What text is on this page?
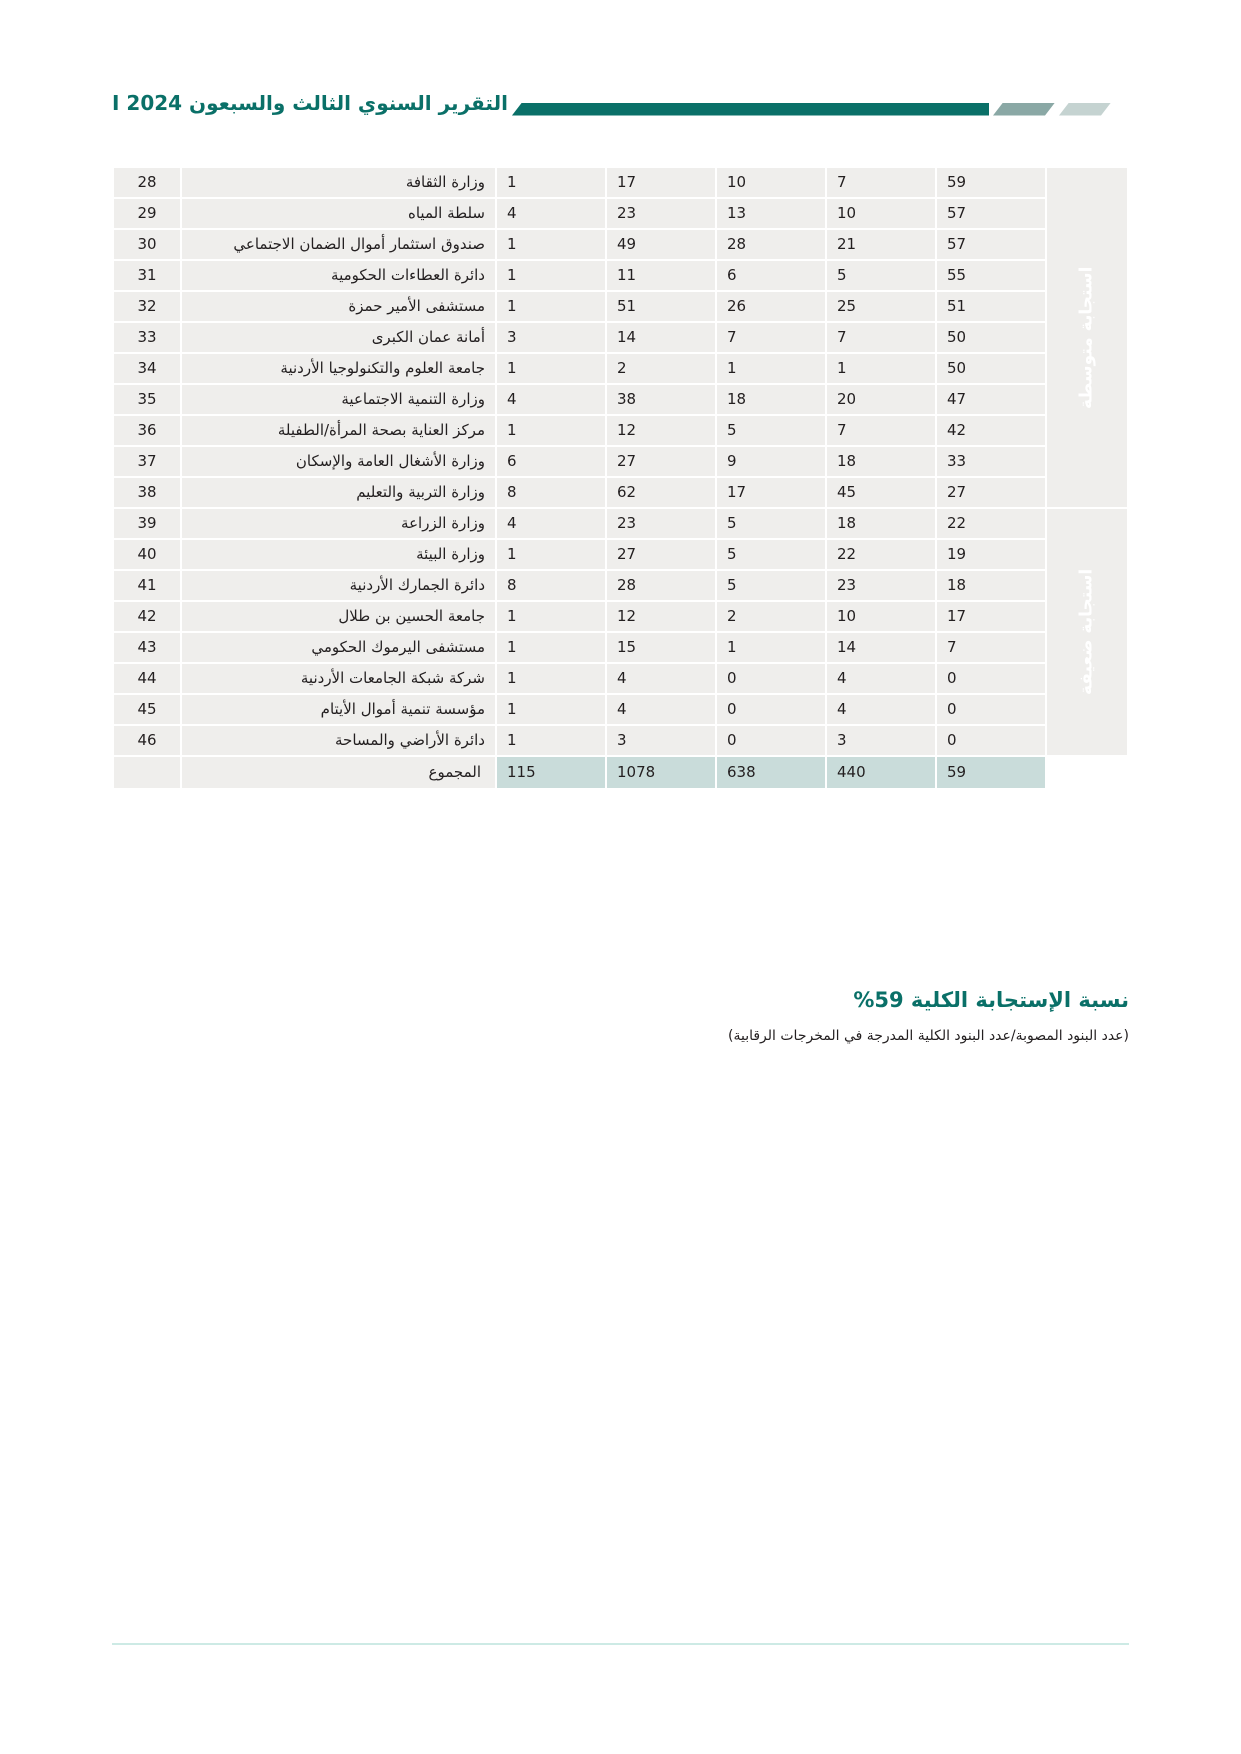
التقرير السنوي الثالث والسبعون I 2024
استجابة متوسطة	59	7	10	17	1	وزارة الثقافة	28
	57	10	13	23	4	سلطة المياه	29
	57	21	28	49	1	صندوق استثمار أموال الضمان الاجتماعي	30
	55	5	6	11	1	دائرة العطاءات الحكومية	31
	51	25	26	51	1	مستشفى الأمير حمزة	32
	50	7	7	14	3	أمانة عمان الكبرى	33
	50	1	1	2	1	جامعة العلوم والتكنولوجيا الأردنية	34
	47	20	18	38	4	وزارة التنمية الاجتماعية	35
	42	7	5	12	1	مركز العناية بصحة المرأة/الطفيلة	36
	33	18	9	27	6	وزارة الأشغال العامة والإسكان	37
	27	45	17	62	8	وزارة التربية والتعليم	38

استجابة ضعيفة	22	18	5	23	4	وزارة الزراعة	39
	19	22	5	27	1	وزارة البيئة	40
	18	23	5	28	8	دائرة الجمارك الأردنية	41
	17	10	2	12	1	جامعة الحسين بن طلال	42
	7	14	1	15	1	مستشفى اليرموك الحكومي	43
	0	4	0	4	1	شركة شبكة الجامعات الأردنية	44
	0	4	0	4	1	مؤسسة تنمية أموال الأيتام	45
	0	3	0	3	1	دائرة الأراضي والمساحة	46
	59	440	638	1078	115	المجموع	

نسبة الإستجابة الكلية 59%

(عدد البنود المصوبة/عدد البنود الكلية المدرجة في المخرجات الرقابية)
